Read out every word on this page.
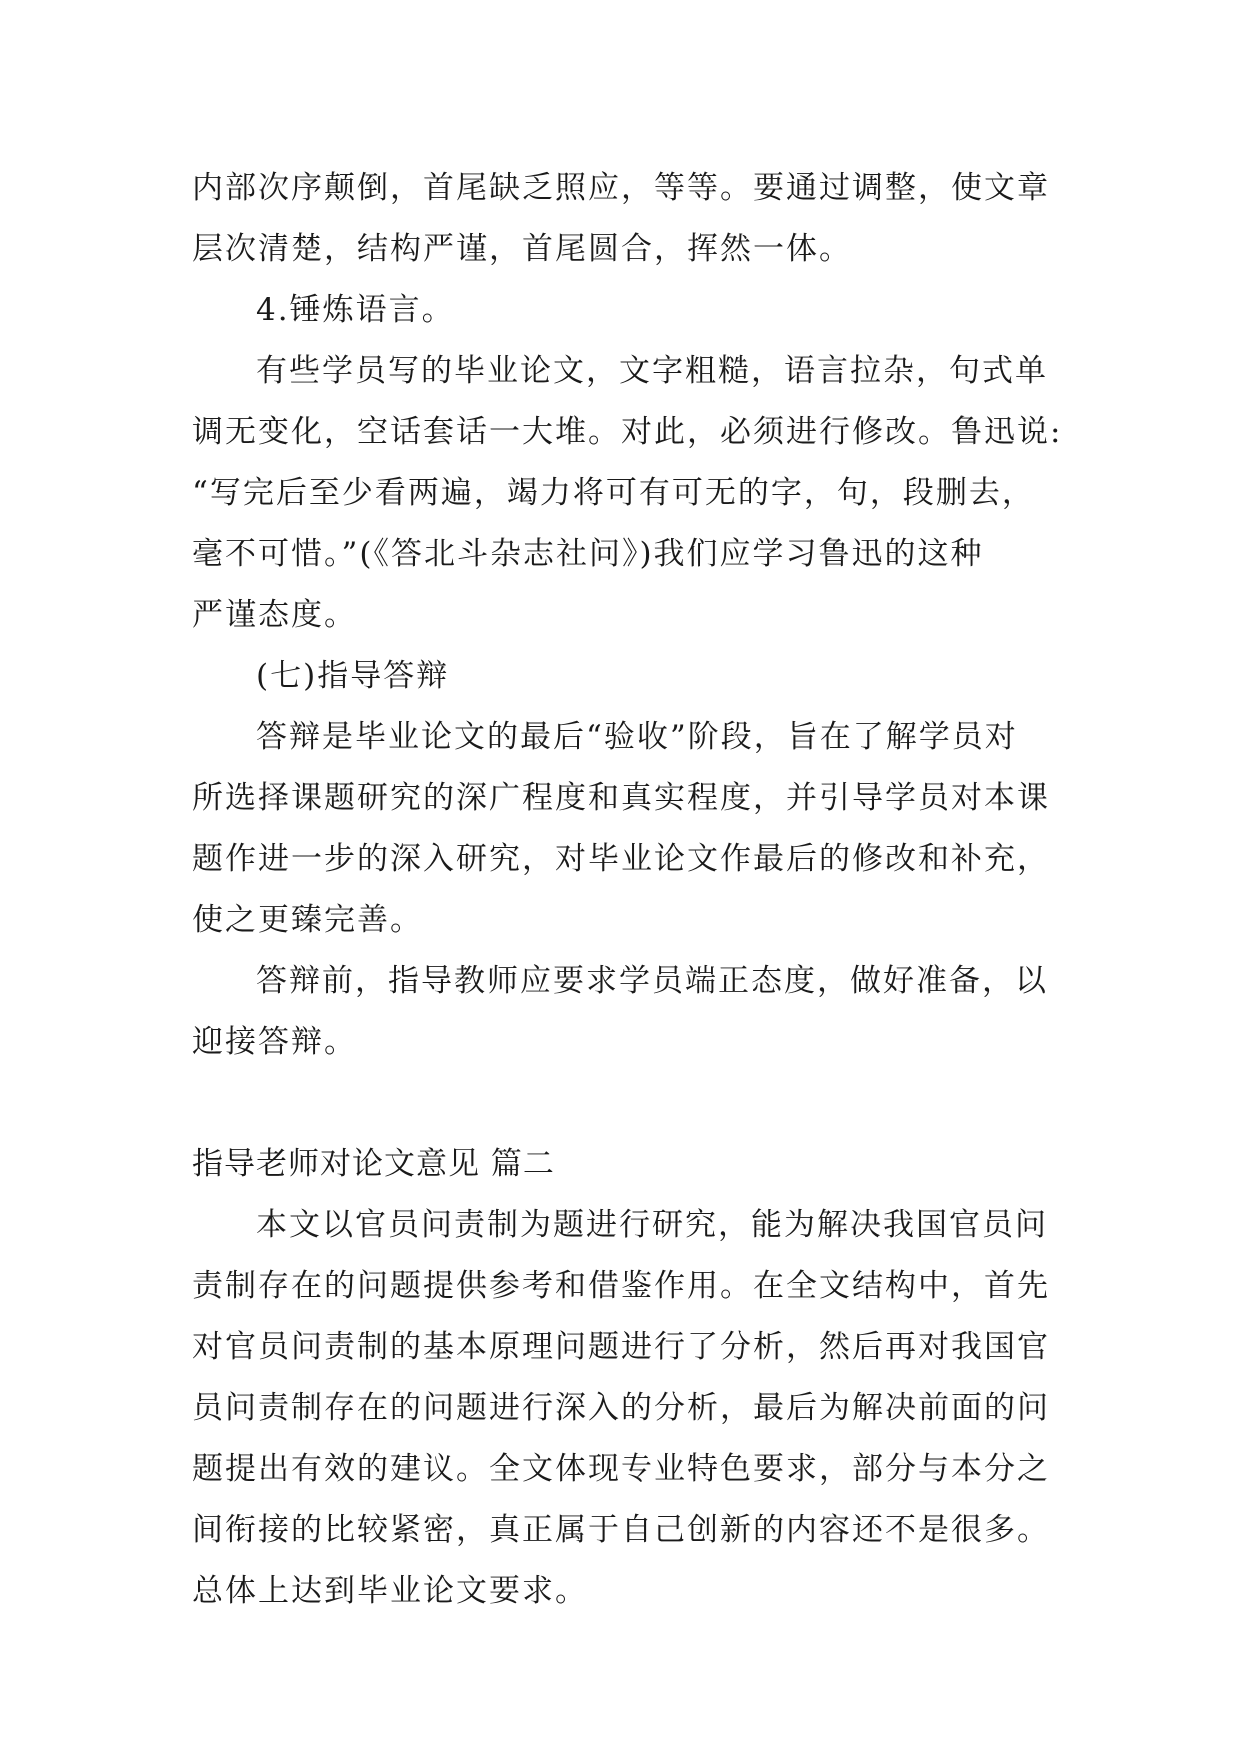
内部次序颠倒，首尾缺乏照应，等等。要通过调整，使文章
层次清楚，结构严谨，首尾圆合，挥然一体。
4.锤炼语言。
有些学员写的毕业论文，文字粗糙，语言拉杂，句式单
调无变化，空话套话一大堆。对此，必须进行修改。鲁迅说:
“写完后至少看两遍，竭力将可有可无的字，句，段删去，
毫不可惜。”(《答北斗杂志社问》)我们应学习鲁迅的这种
严谨态度。
(七)指导答辩
答辩是毕业论文的最后“验收”阶段，旨在了解学员对
所选择课题研究的深广程度和真实程度，并引导学员对本课
题作进一步的深入研究，对毕业论文作最后的修改和补充，
使之更臻完善。
答辩前，指导教师应要求学员端正态度，做好准备，以
迎接答辩。
指导老师对论文意见 篇二
本文以官员问责制为题进行研究，能为解决我国官员问
责制存在的问题提供参考和借鉴作用。在全文结构中，首先
对官员问责制的基本原理问题进行了分析，然后再对我国官
员问责制存在的问题进行深入的分析，最后为解决前面的问
题提出有效的建议。全文体现专业特色要求，部分与本分之
间衔接的比较紧密，真正属于自己创新的内容还不是很多。
总体上达到毕业论文要求。
